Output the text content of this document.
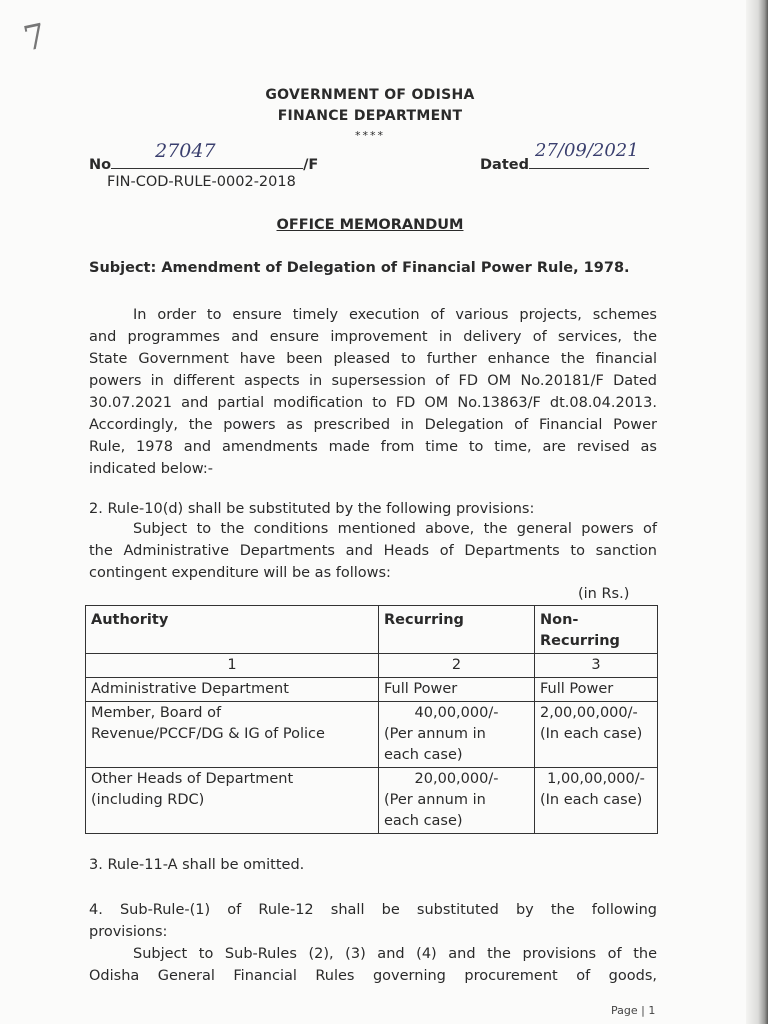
7
GOVERNMENT OF ODISHA
FINANCE DEPARTMENT
****
No
27047
/F	Dated
27/09/2021
FIN-COD-RULE-0002-2018
OFFICE MEMORANDUM
Subject: Amendment of Delegation of Financial Power Rule, 1978.
In order to ensure timely execution of various projects, schemes
and programmes and ensure improvement in delivery of services, the
State Government have been pleased to further enhance the financial
powers in different aspects in supersession of FD OM No.20181/F Dated
30.07.2021 and partial modification to FD OM No.13863/F dt.08.04.2013.
Accordingly, the powers as prescribed in Delegation of Financial Power
Rule, 1978 and amendments made from time to time, are revised as
indicated below:-
2. Rule-10(d) shall be substituted by the following provisions:
Subject to the conditions mentioned above, the general powers of
the Administrative Departments and Heads of Departments to sanction
contingent expenditure will be as follows:
(in Rs.)
Authority	Recurring	Non-
Recurring
1	2	3
Administrative Department	Full Power	Full Power

Member, Board of
Revenue/PCCF/DG & IG of Police	40,00,000/-
(Per annum in
each case)	2,00,00,000/-
(In each case)

Other Heads of Department
(including RDC)	20,00,000/-
(Per annum in
each case)	1,00,00,000/-
(In each case)
3. Rule-11-A shall be omitted.
4. Sub-Rule-(1) of Rule-12 shall be substituted by the following
provisions:
Subject to Sub-Rules (2), (3) and (4) and the provisions of the
Odisha General Financial Rules governing procurement of goods,
Page | 1
